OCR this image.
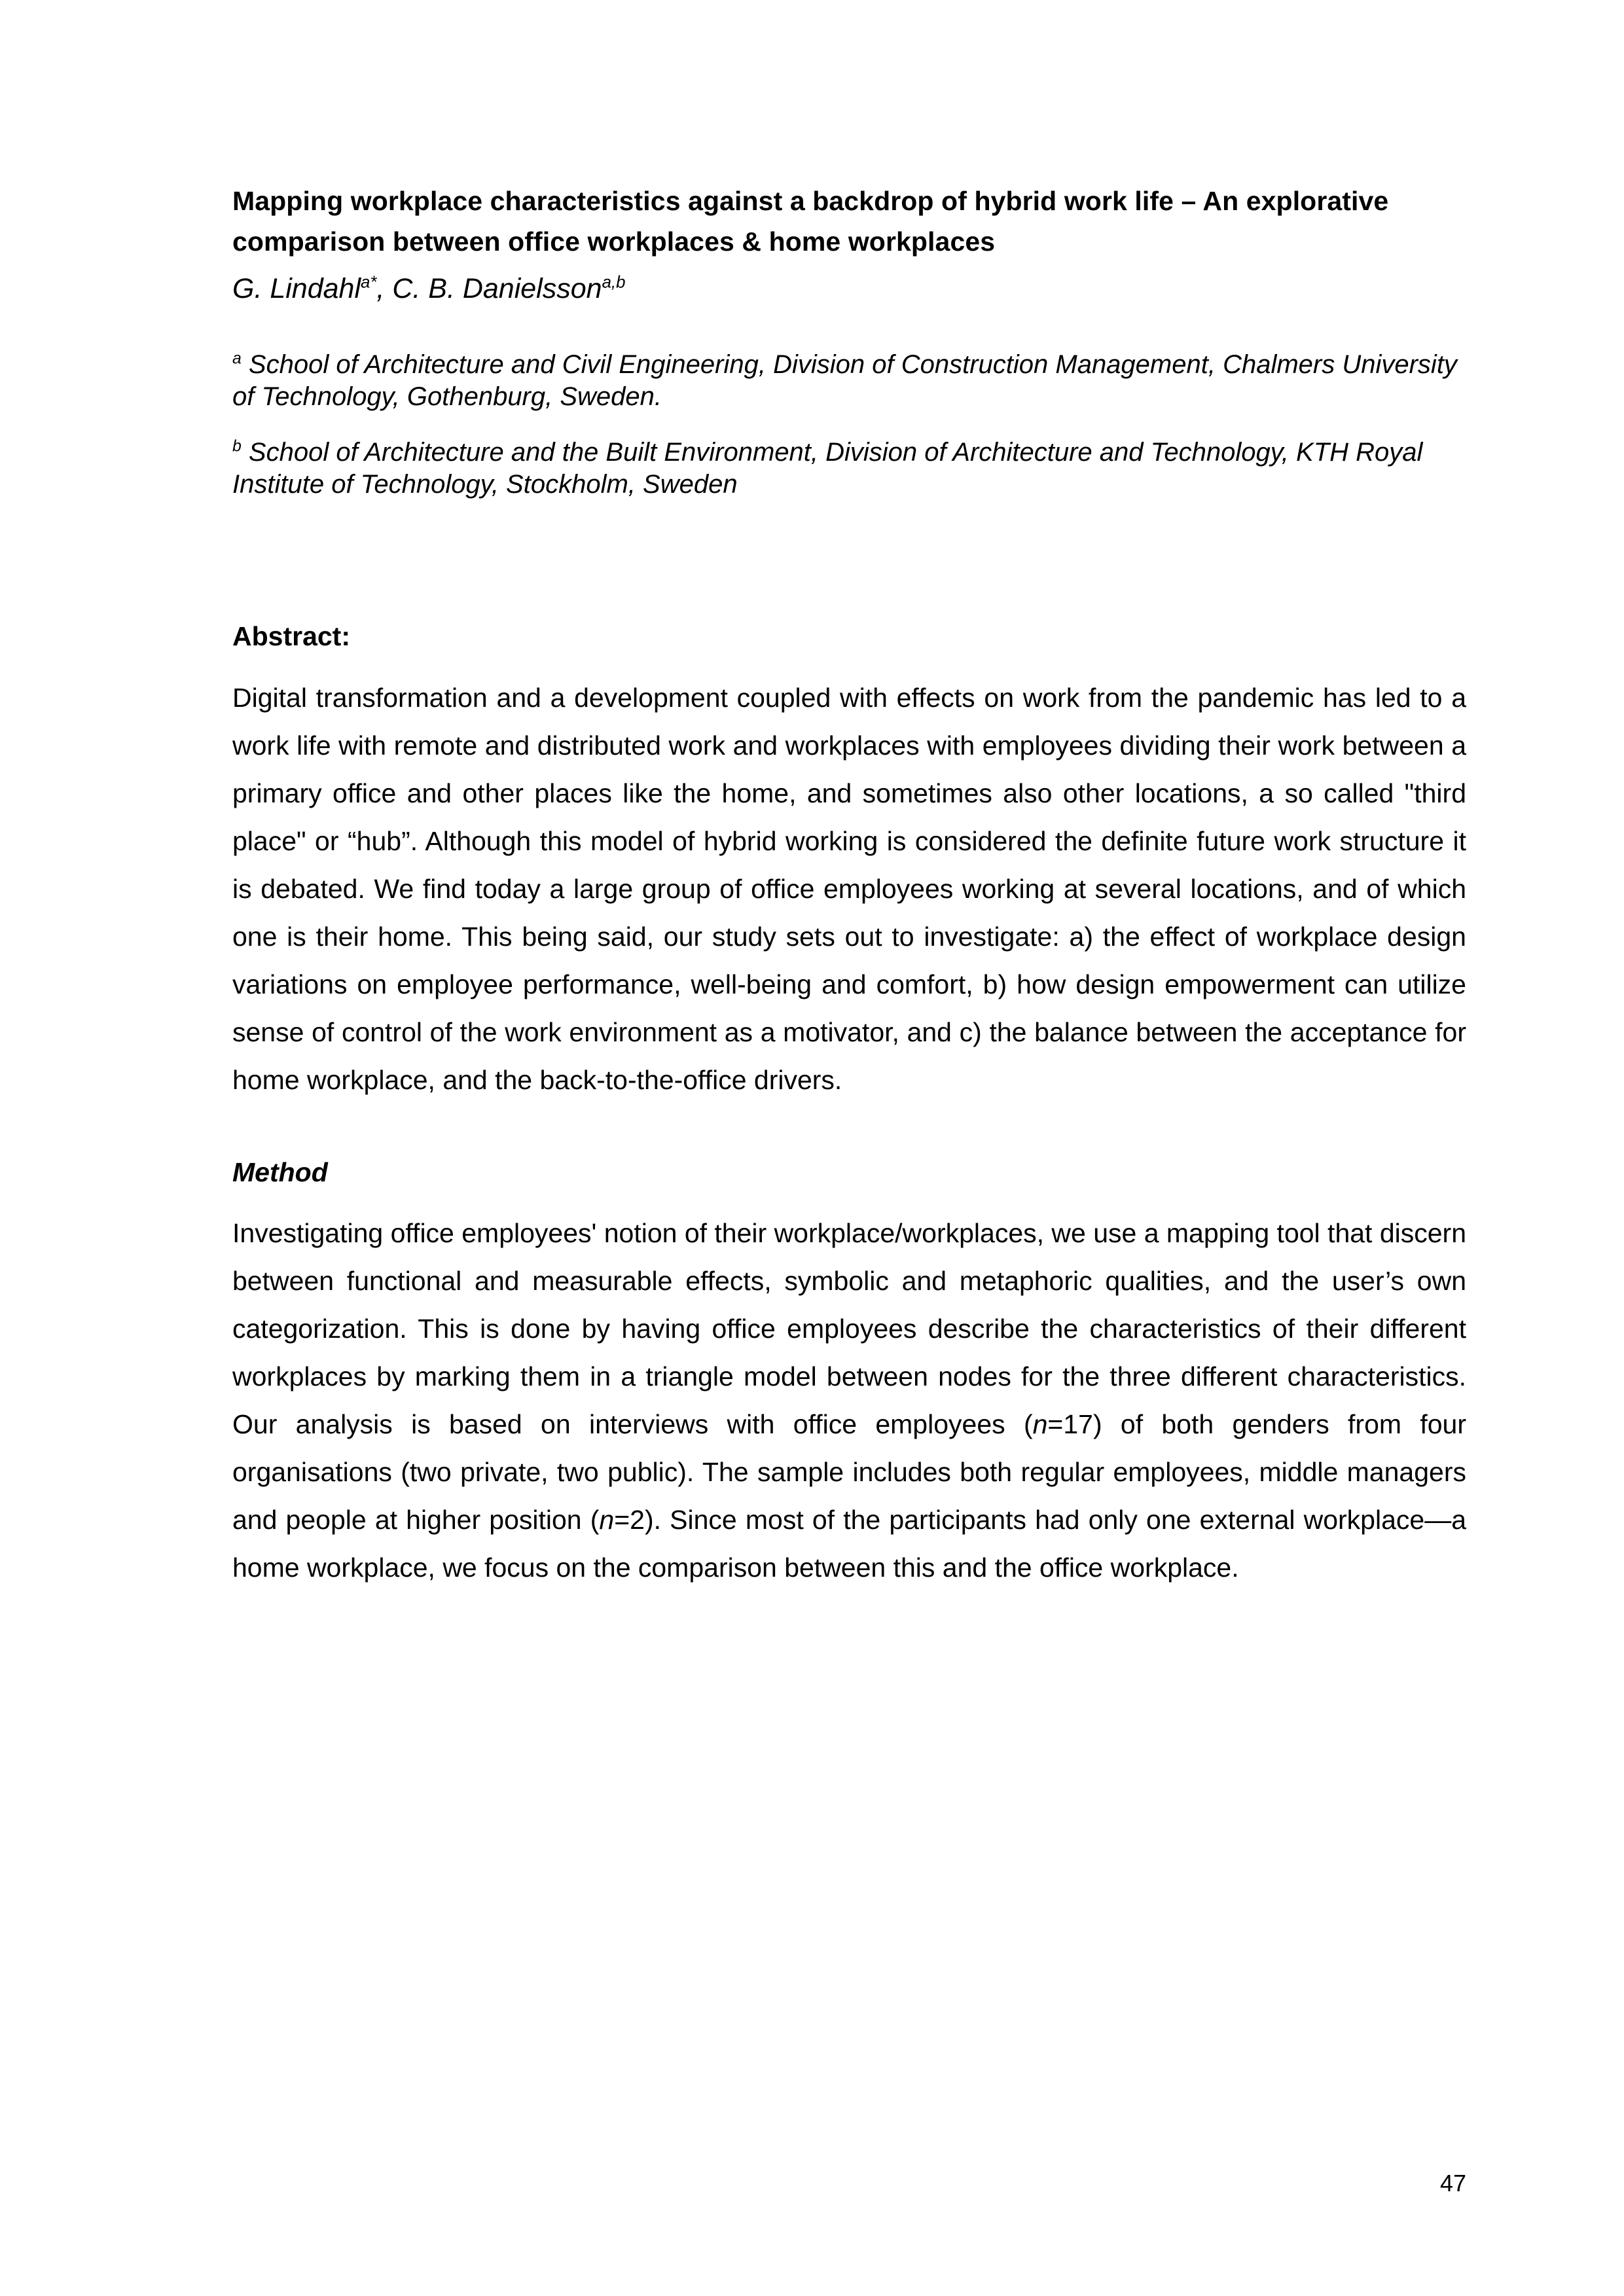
Mapping workplace characteristics against a backdrop of hybrid work life – An explorative comparison between office workplaces & home workplaces

G. Lindahl$^{a*}$, C. B. Danielsson$^{a,b}$

$^a$ School of Architecture and Civil Engineering, Division of Construction Management, Chalmers University of Technology, Gothenburg, Sweden.

$^b$ School of Architecture and the Built Environment, Division of Architecture and Technology, KTH Royal Institute of Technology, Stockholm, Sweden

Abstract:

Digital transformation and a development coupled with effects on work from the pandemic has led to a work life with remote and distributed work and workplaces with employees dividing their work between a primary office and other places like the home, and sometimes also other locations, a so called "third place" or “hub”. Although this model of hybrid working is considered the definite future work structure it is debated. We find today a large group of office employees working at several locations, and of which one is their home. This being said, our study sets out to investigate: a) the effect of workplace design variations on employee performance, well-being and comfort, b) how design empowerment can utilize sense of control of the work environment as a motivator, and c) the balance between the acceptance for home workplace, and the back-to-the-office drivers.

Method

Investigating office employees' notion of their workplace/workplaces, we use a mapping tool that discern between functional and measurable effects, symbolic and metaphoric qualities, and the user’s own categorization. This is done by having office employees describe the characteristics of their different workplaces by marking them in a triangle model between nodes for the three different characteristics. Our analysis is based on interviews with office employees (n=17) of both genders from four organisations (two private, two public). The sample includes both regular employees, middle managers and people at higher position (n=2). Since most of the participants had only one external workplace—a home workplace, we focus on the comparison between this and the office workplace.

47
